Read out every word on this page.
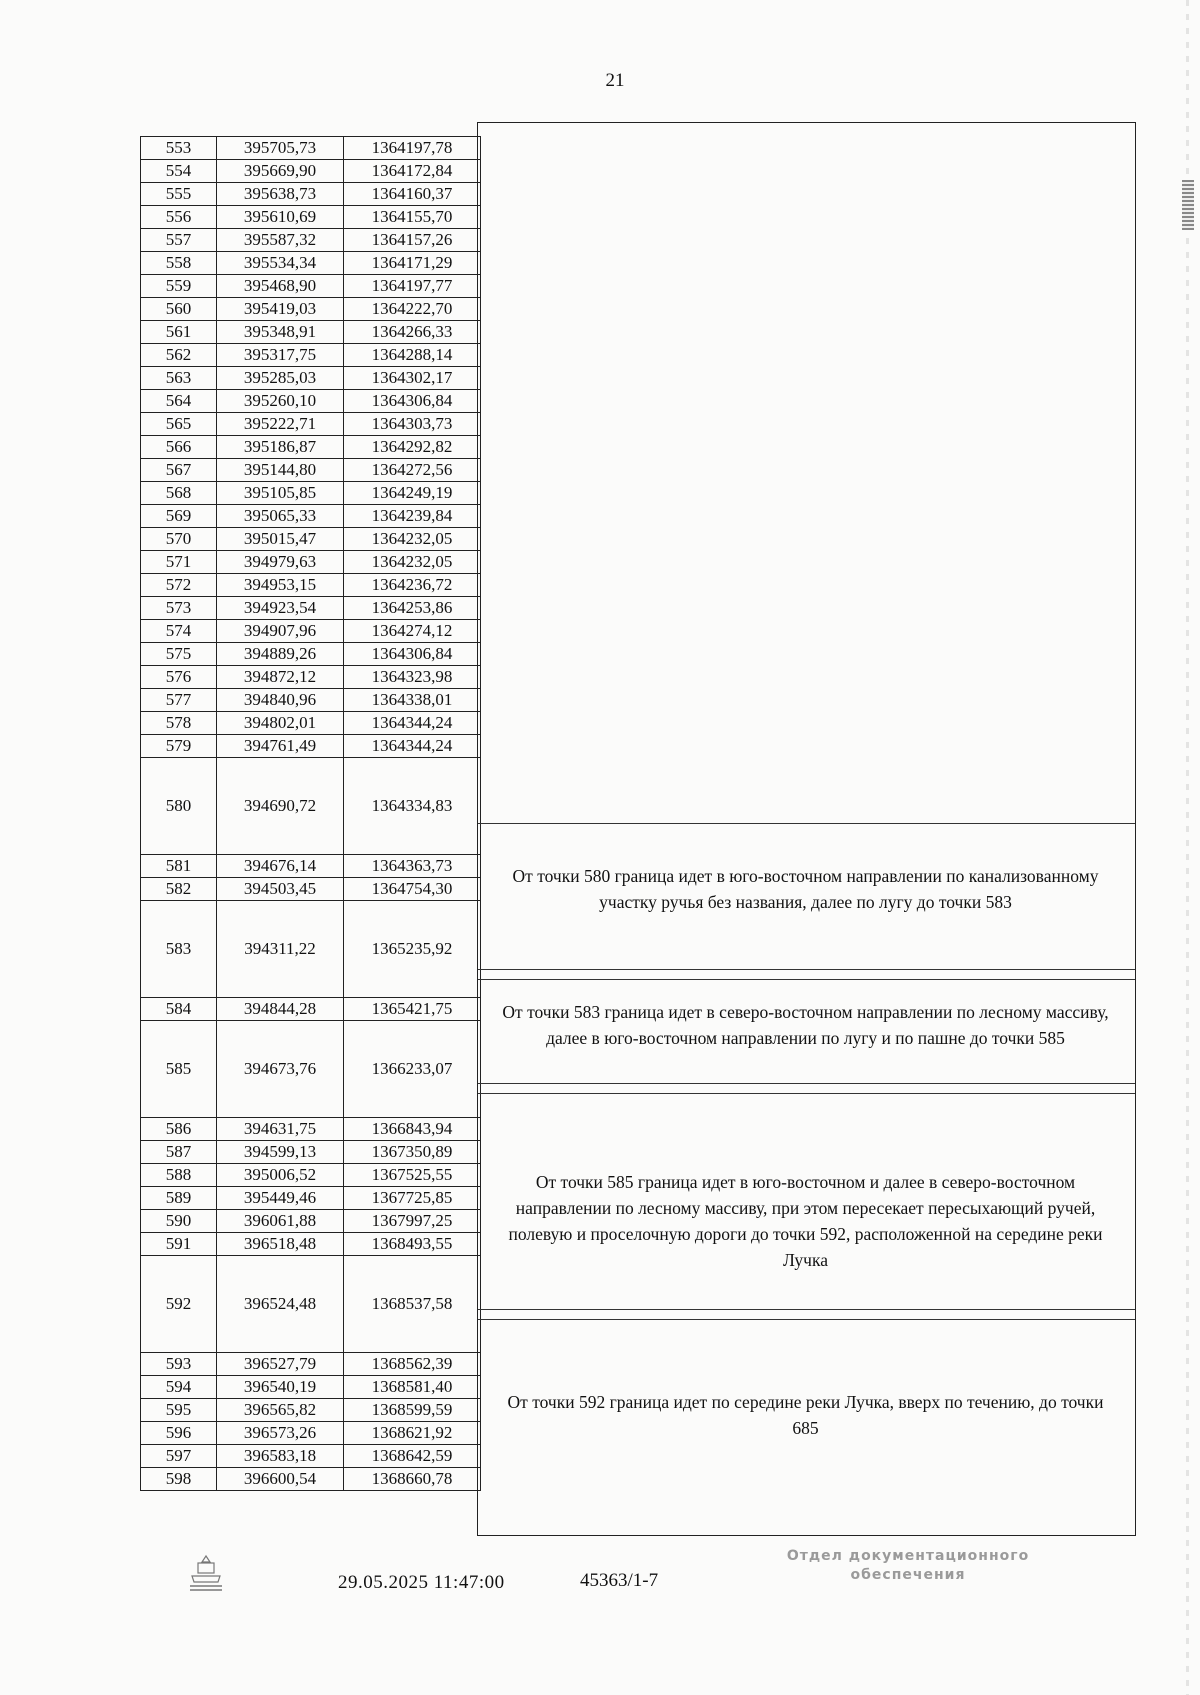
21
553	395705,73	1364197,78
554	395669,90	1364172,84
555	395638,73	1364160,37
556	395610,69	1364155,70
557	395587,32	1364157,26
558	395534,34	1364171,29
559	395468,90	1364197,77
560	395419,03	1364222,70
561	395348,91	1364266,33
562	395317,75	1364288,14
563	395285,03	1364302,17
564	395260,10	1364306,84
565	395222,71	1364303,73
566	395186,87	1364292,82
567	395144,80	1364272,56
568	395105,85	1364249,19
569	395065,33	1364239,84
570	395015,47	1364232,05
571	394979,63	1364232,05
572	394953,15	1364236,72
573	394923,54	1364253,86
574	394907,96	1364274,12
575	394889,26	1364306,84
576	394872,12	1364323,98
577	394840,96	1364338,01
578	394802,01	1364344,24
579	394761,49	1364344,24
580	394690,72	1364334,83
581	394676,14	1364363,73
582	394503,45	1364754,30
583	394311,22	1365235,92
584	394844,28	1365421,75
585	394673,76	1366233,07
586	394631,75	1366843,94
587	394599,13	1367350,89
588	395006,52	1367525,55
589	395449,46	1367725,85
590	396061,88	1367997,25
591	396518,48	1368493,55
592	396524,48	1368537,58
593	396527,79	1368562,39
594	396540,19	1368581,40
595	396565,82	1368599,59
596	396573,26	1368621,92
597	396583,18	1368642,59
598	396600,54	1368660,78
От точки 580 граница идет в юго-восточном направлении по канализованному участку ручья без названия, далее по лугу до точки 583
От точки 583 граница идет в северо-восточном направлении по лесному массиву, далее в юго-восточном направлении по лугу и по пашне до точки 585
От точки 585 граница идет в юго-восточном и далее в северо-восточном направлении по лесному массиву, при этом пересекает пересыхающий ручей, полевую и проселочную дороги до точки 592, расположенной на середине реки Лучка
От точки 592 граница идет по середине реки Лучка, вверх по течению, до точки 685
29.05.2025 11:47:00	45363/1-7
Отдел документационного
обеспечения
